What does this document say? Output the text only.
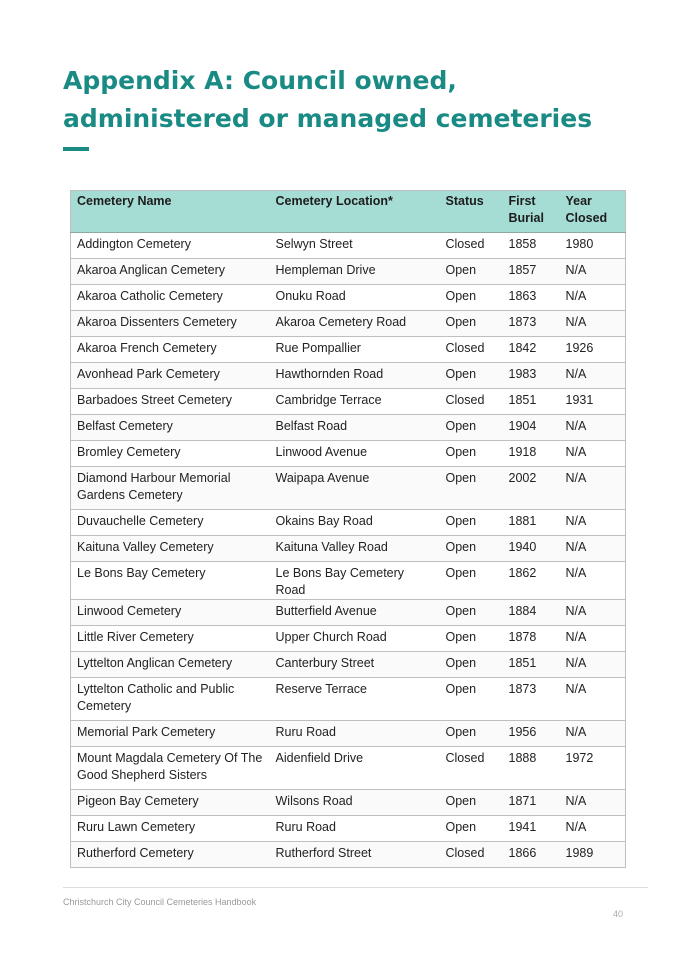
Appendix A: Council owned, administered or managed cemeteries
Cemetery Name	Cemetery Location*	Status	First Burial	Year Closed
Addington Cemetery	Selwyn Street	Closed	1858	1980
Akaroa Anglican Cemetery	Hempleman Drive	Open	1857	N/A
Akaroa Catholic Cemetery	Onuku Road	Open	1863	N/A
Akaroa Dissenters Cemetery	Akaroa Cemetery Road	Open	1873	N/A
Akaroa French Cemetery	Rue Pompallier	Closed	1842	1926
Avonhead Park Cemetery	Hawthornden Road	Open	1983	N/A
Barbadoes Street Cemetery	Cambridge Terrace	Closed	1851	1931
Belfast Cemetery	Belfast Road	Open	1904	N/A
Bromley Cemetery	Linwood Avenue	Open	1918	N/A
Diamond Harbour Memorial Gardens Cemetery	Waipapa Avenue	Open	2002	N/A
Duvauchelle Cemetery	Okains Bay Road	Open	1881	N/A
Kaituna Valley Cemetery	Kaituna Valley Road	Open	1940	N/A
Le Bons Bay Cemetery	Le Bons Bay Cemetery Road	Open	1862	N/A
Linwood Cemetery	Butterfield Avenue	Open	1884	N/A
Little River Cemetery	Upper Church Road	Open	1878	N/A
Lyttelton Anglican Cemetery	Canterbury Street	Open	1851	N/A
Lyttelton Catholic and Public Cemetery	Reserve Terrace	Open	1873	N/A
Memorial Park Cemetery	Ruru Road	Open	1956	N/A
Mount Magdala Cemetery Of The Good Shepherd Sisters	Aidenfield Drive	Closed	1888	1972
Pigeon Bay Cemetery	Wilsons Road	Open	1871	N/A
Ruru Lawn Cemetery	Ruru Road	Open	1941	N/A
Rutherford Cemetery	Rutherford Street	Closed	1866	1989
Christchurch City Council Cemeteries Handbook
40
